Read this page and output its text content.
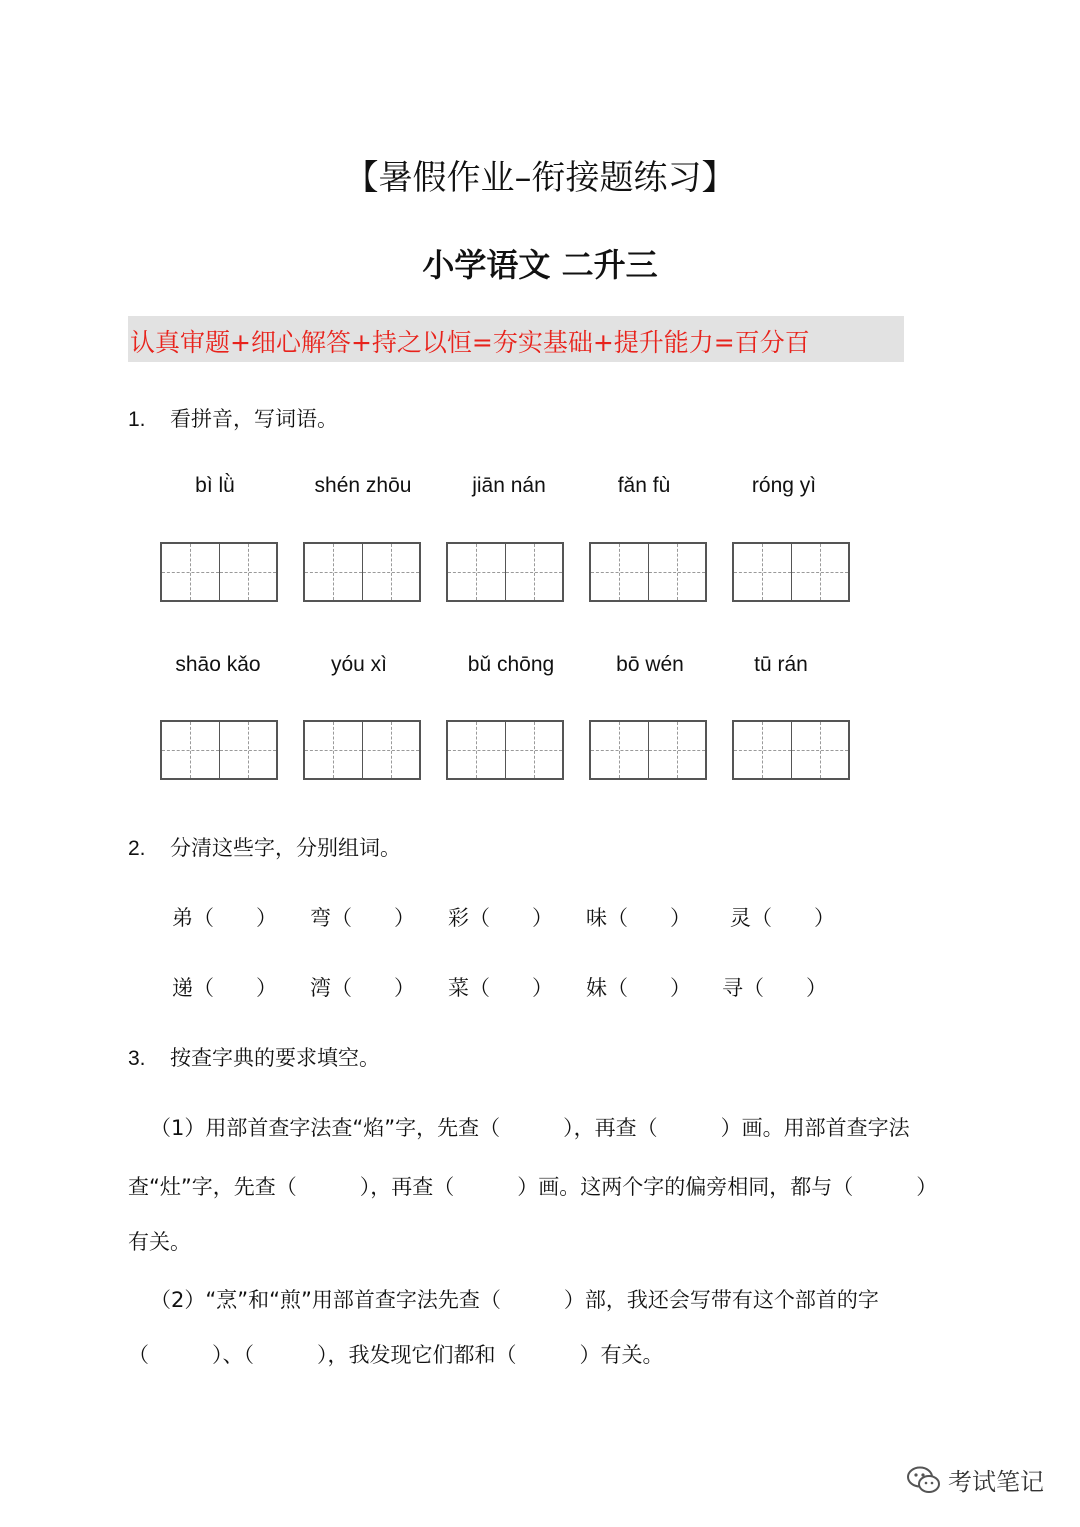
【暑假作业–衔接题练习】
小学语文 二升三
认真审题+细心解答+持之以恒=夯实基础+提升能力=百分百
1. 看拼音，写词语。
bì lǜ	shén zhōu	jiān nán	fǎn fù	róng yì
shāo kǎo	yóu xì	bǔ chōng	bō wén	tū rán
2. 分清这些字，分别组词。
弟（　　） 弯（　　） 彩（　　） 味（　　） 灵（　　）
递（　　） 湾（　　） 菜（　　） 妹（　　） 寻（　　）
3. 按查字典的要求填空。
（1）用部首查字法查“焰”字，先查（　　　），再查（　　　）画。用部首查字法
查“灶”字，先查（　　　），再查（　　　）画。这两个字的偏旁相同，都与（　　　）
有关。
（2）“烹”和“煎”用部首查字法先查（　　　）部，我还会写带有这个部首的字
（　　　）、（　　　），我发现它们都和（　　　）有关。
考试笔记
